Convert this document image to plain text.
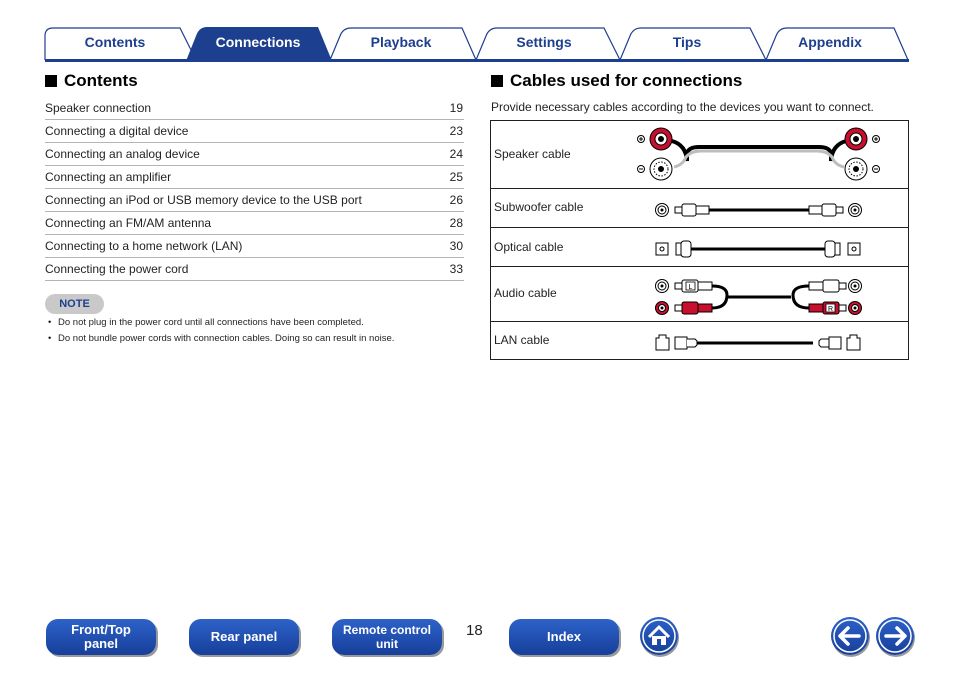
Contents	Connections	Playback	Settings	Tips	Appendix
Contents
Speaker connection	19
Connecting a digital device	23
Connecting an analog device	24
Connecting an amplifier	25
Connecting an iPod or USB memory device to the USB port	26
Connecting an FM/AM antenna	28
Connecting to a home network (LAN)	30
Connecting the power cord	33
NOTE
• Do not plug in the power cord until all connections have been completed.
• Do not bundle power cords with connection cables. Doing so can result in noise.
Cables used for connections
Provide necessary cables according to the devices you want to connect.
Speaker cable
Subwoofer cable
Optical cable
Audio cable	L
R
LAN cable
Front/Top
panel	Rear panel	Remote control
unit
18	Index
